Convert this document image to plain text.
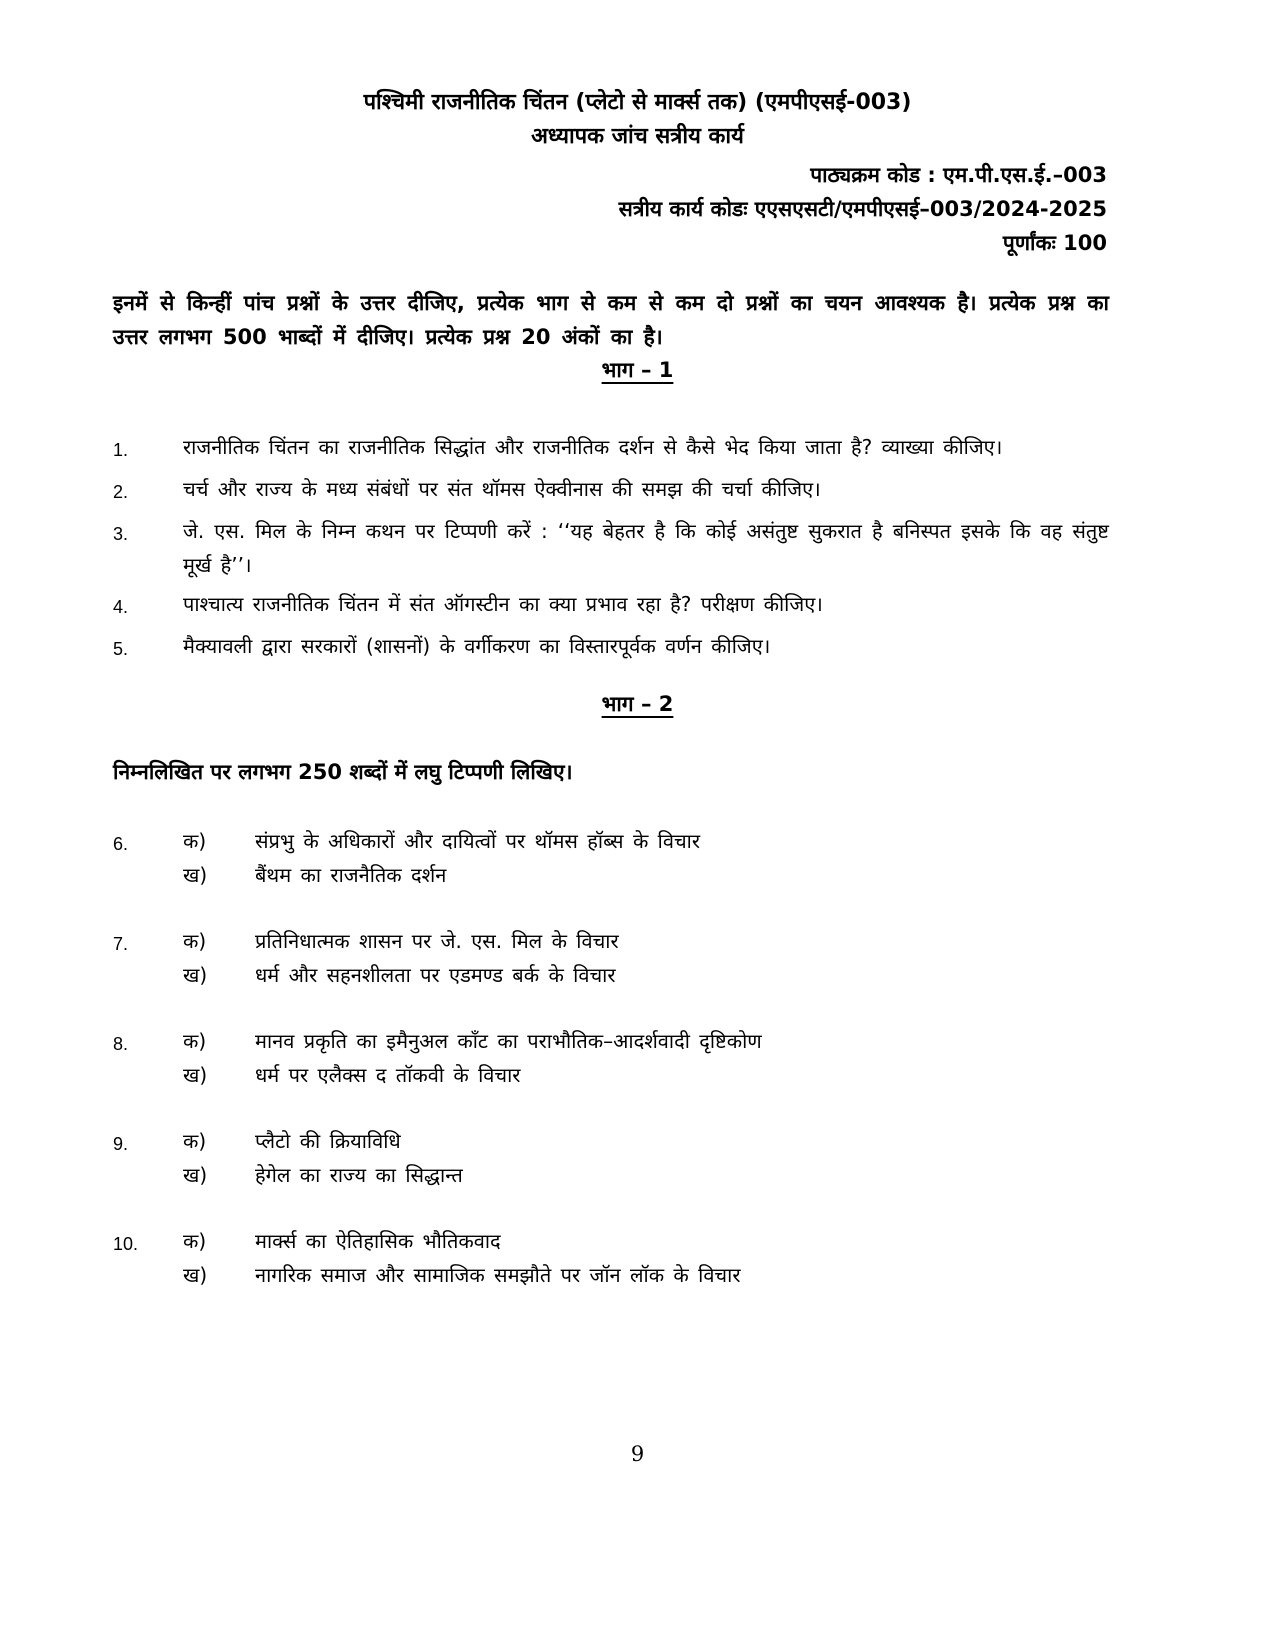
पश्चिमी राजनीतिक चिंतन (प्लेटो से मार्क्स तक) (एमपीएसई-003)
अध्यापक जांच सत्रीय कार्य
पाठ्यक्रम कोड : एम.पी.एस.ई.–003
सत्रीय कार्य कोडः एएसएसटी/एमपीएसई–003/2024-2025
पूर्णांकः 100
इनमें से किन्हीं पांच प्रश्नों के उत्तर दीजिए, प्रत्येक भाग से कम से कम दो प्रश्नों का चयन आवश्यक है। प्रत्येक प्रश्न का उत्तर लगभग 500 भाब्दों में दीजिए। प्रत्येक प्रश्न 20 अंकों का है।
भाग – 1
1.	राजनीतिक चिंतन का राजनीतिक सिद्धांत और राजनीतिक दर्शन से कैसे भेद किया जाता है? व्याख्या कीजिए।
2.	चर्च और राज्य के मध्य संबंधों पर संत थॉमस ऐक्वीनास की समझ की चर्चा कीजिए।
3.	जे. एस. मिल के निम्न कथन पर टिप्पणी करें : ‘‘यह बेहतर है कि कोई असंतुष्ट सुकरात है बनिस्पत इसके कि वह संतुष्ट मूर्ख है’’।
4.	पाश्चात्य राजनीतिक चिंतन में संत ऑगस्टीन का क्या प्रभाव रहा है? परीक्षण कीजिए।
5.	मैक्यावली द्वारा सरकारों (शासनों) के वर्गीकरण का विस्तारपूर्वक वर्णन कीजिए।
भाग – 2
निम्नलिखित पर लगभग 250 शब्दों में लघु टिप्पणी लिखिए।
6.	क)	संप्रभु के अधिकारों और दायित्वों पर थॉमस हॉब्स के विचार
ख)	बैंथम का राजनैतिक दर्शन
7.	क)	प्रतिनिधात्मक शासन पर जे. एस. मिल के विचार
ख)	धर्म और सहनशीलता पर एडमण्ड बर्क के विचार
8.	क)	मानव प्रकृति का इमैनुअल कॉंट का पराभौतिक–आदर्शवादी दृष्टिकोण
ख)	धर्म पर एलैक्स द तॉकवी के विचार
9.	क)	प्लैटो की क्रियाविधि
ख)	हेगेल का राज्य का सिद्धान्त
10.	क)	मार्क्स का ऐतिहासिक भौतिकवाद
ख)	नागरिक समाज और सामाजिक समझौते पर जॉन लॉक के विचार
9
